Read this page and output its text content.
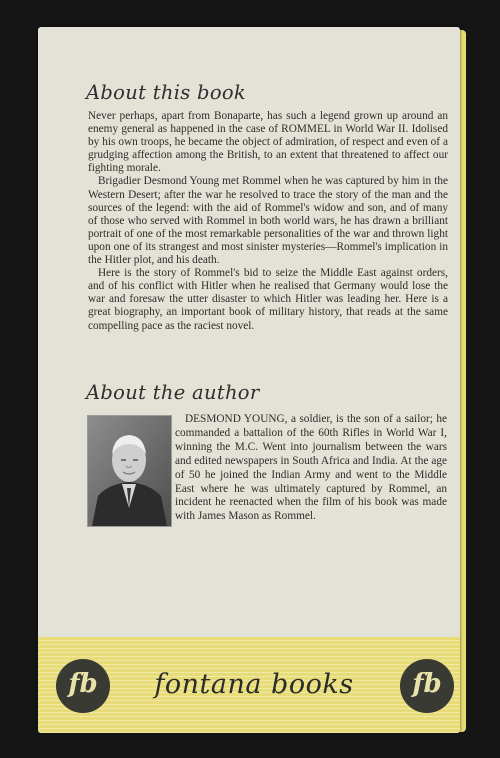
About this book

Never perhaps, apart from Bonaparte, has such a legend grown up around an enemy general as happened in the case of ROMMEL in World War II. Idolised by his own troops, he became the object of admiration, of respect and even of a grudging affection among the British, to an extent that threatened to affect our fighting morale.

Brigadier Desmond Young met Rommel when he was captured by him in the Western Desert; after the war he resolved to trace the story of the man and the sources of the legend: with the aid of Rommel's widow and son, and of many of those who served with Rommel in both world wars, he has drawn a brilliant portrait of one of the most remarkable personalities of the war and thrown light upon one of its strangest and most sinister mysteries—Rommel's implication in the Hitler plot, and his death.

Here is the story of Rommel's bid to seize the Middle East against orders, and of his conflict with Hitler when he realised that Germany would lose the war and foresaw the utter disaster to which Hitler was leading her. Here is a great biography, an important book of military history, that reads at the same compelling pace as the raciest novel.

About the author

DESMOND YOUNG, a soldier, is the son of a sailor; he commanded a battalion of the 60th Rifles in World War I, winning the M.C. Went into journalism between the wars and edited newspapers in South Africa and India. At the age of 50 he joined the Indian Army and went to the Middle East where he was ultimately captured by Rommel, an incident he reenacted when the film of his book was made with James Mason as Rommel.

fb	fontana books	fb
